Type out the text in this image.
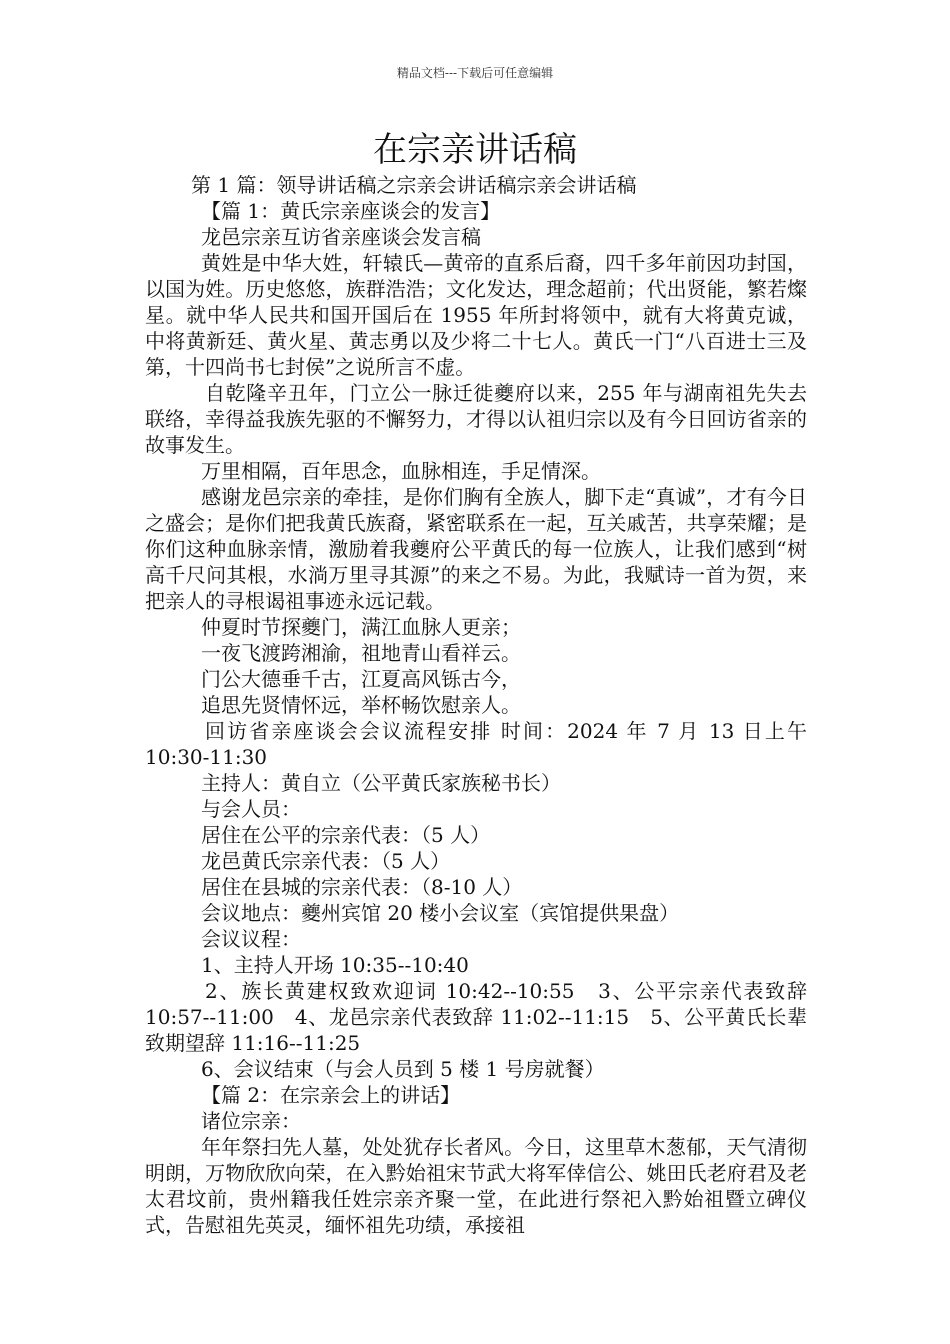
精品文档---下载后可任意编辑
在宗亲讲话稿

第 1 篇：领导讲话稿之宗亲会讲话稿宗亲会讲话稿

【篇 1：黄氏宗亲座谈会的发言】

龙邑宗亲互访省亲座谈会发言稿

黄姓是中华大姓，轩辕氏—黄帝的直系后裔，四千多年前因功封国，以国为姓。历史悠悠，族群浩浩；文化发达，理念超前；代出贤能，繁若燦星。就中华人民共和国开国后在 1955 年所封将领中，就有大将黄克诚，中将黄新廷、黄火星、黄志勇以及少将二十七人。黄氏一门“八百进士三及第，十四尚书七封侯”之说所言不虚。

自乾隆辛丑年，门立公一脉迁徙夔府以来，255 年与湖南祖先失去联络，幸得益我族先驱的不懈努力，才得以认祖归宗以及有今日回访省亲的故事发生。

万里相隔，百年思念，血脉相连，手足情深。

感谢龙邑宗亲的牵挂，是你们胸有全族人，脚下走“真诚”，才有今日之盛会；是你们把我黄氏族裔，紧密联系在一起，互关戚苦，共享荣耀；是你们这种血脉亲情，激励着我夔府公平黄氏的每一位族人，让我们感到“树高千尺问其根，水淌万里寻其源”的来之不易。为此，我赋诗一首为贺，来把亲人的寻根谒祖事迹永远记载。

仲夏时节探夔门，满江血脉人更亲；

一夜飞渡跨湘渝，祖地青山看祥云。

门公大德垂千古，江夏高风铄古今，

追思先贤情怀远，举杯畅饮慰亲人。

回访省亲座谈会会议流程安排 时间：2024 年 7 月 13 日上午 10:30-11:30

主持人：黄自立（公平黄氏家族秘书长）

与会人员：

居住在公平的宗亲代表：（5 人）

龙邑黄氏宗亲代表：（5 人）

居住在县城的宗亲代表：（8-10 人）

会议地点：夔州宾馆 20 楼小会议室（宾馆提供果盘）

会议议程：

1、主持人开场 10:35--10:40

2、族长黄建权致欢迎词 10:42--10:55　3、公平宗亲代表致辞 10:57--11:00　4、龙邑宗亲代表致辞 11:02--11:15　5、公平黄氏长辈致期望辞 11:16--11:25

6、会议结束（与会人员到 5 楼 1 号房就餐）

【篇 2：在宗亲会上的讲话】

诸位宗亲：

年年祭扫先人墓，处处犹存长者风。今日，这里草木葱郁，天气清彻明朗，万物欣欣向荣，在入黔始祖宋节武大将军倖信公、姚田氏老府君及老太君坟前，贵州籍我任姓宗亲齐聚一堂，在此进行祭祀入黔始祖暨立碑仪式，告慰祖先英灵，缅怀祖先功绩，承接祖
